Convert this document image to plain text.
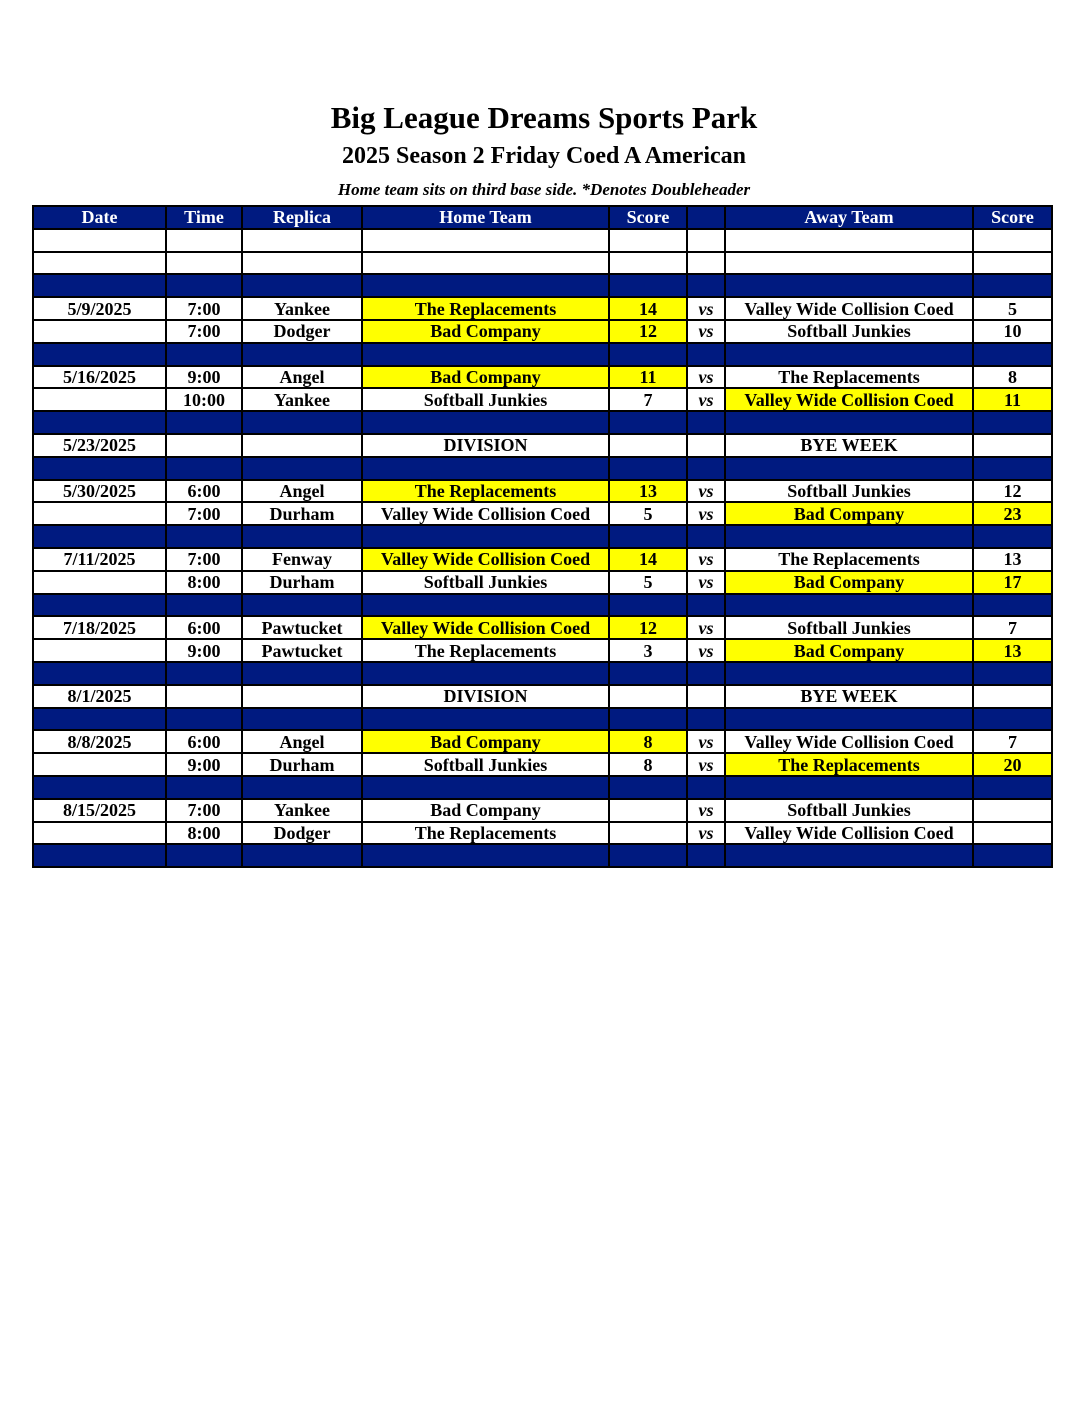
Big League Dreams Sports Park
2025 Season 2 Friday Coed A American
Home team sits on third base side. *Denotes Doubleheader
Date	Time	Replica	Home Team	Score		Away Team	Score

5/9/2025	7:00	Yankee	The Replacements	14	vs	Valley Wide Collision Coed	5
	7:00	Dodger	Bad Company	12	vs	Softball Junkies	10

5/16/2025	9:00	Angel	Bad Company	11	vs	The Replacements	8
	10:00	Yankee	Softball Junkies	7	vs	Valley Wide Collision Coed	11

5/23/2025			DIVISION			BYE WEEK	

5/30/2025	6:00	Angel	The Replacements	13	vs	Softball Junkies	12
	7:00	Durham	Valley Wide Collision Coed	5	vs	Bad Company	23

7/11/2025	7:00	Fenway	Valley Wide Collision Coed	14	vs	The Replacements	13
	8:00	Durham	Softball Junkies	5	vs	Bad Company	17

7/18/2025	6:00	Pawtucket	Valley Wide Collision Coed	12	vs	Softball Junkies	7
	9:00	Pawtucket	The Replacements	3	vs	Bad Company	13

8/1/2025			DIVISION			BYE WEEK	

8/8/2025	6:00	Angel	Bad Company	8	vs	Valley Wide Collision Coed	7
	9:00	Durham	Softball Junkies	8	vs	The Replacements	20

8/15/2025	7:00	Yankee	Bad Company		vs	Softball Junkies	
	8:00	Dodger	The Replacements		vs	Valley Wide Collision Coed	
